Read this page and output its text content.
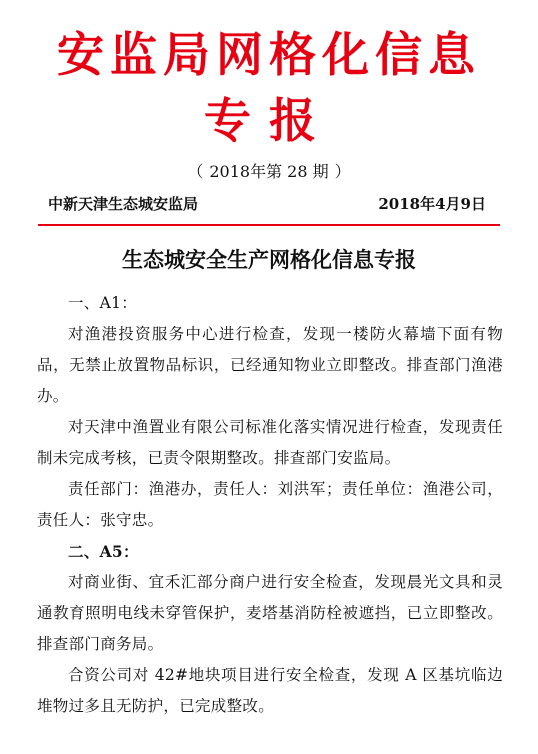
安监局网格化信息
专报
（ 2018年第 28 期 ）
中新天津生态城安监局	2018年4月9日
生态城安全生产网格化信息专报

一、A1：

对渔港投资服务中心进行检查，发现一楼防火幕墙下面有物品，无禁止放置物品标识，已经通知物业立即整改。排查部门渔港办。

对天津中渔置业有限公司标准化落实情况进行检查，发现责任制未完成考核，已责令限期整改。排查部门安监局。

责任部门：渔港办，责任人：刘洪军；责任单位：渔港公司，责任人：张守忠。

二、A5：

对商业街、宜禾汇部分商户进行安全检查，发现晨光文具和灵通教育照明电线未穿管保护，麦塔基消防栓被遮挡，已立即整改。排查部门商务局。

合资公司对 42#地块项目进行安全检查，发现 A 区基坑临边堆物过多且无防护，已完成整改。
